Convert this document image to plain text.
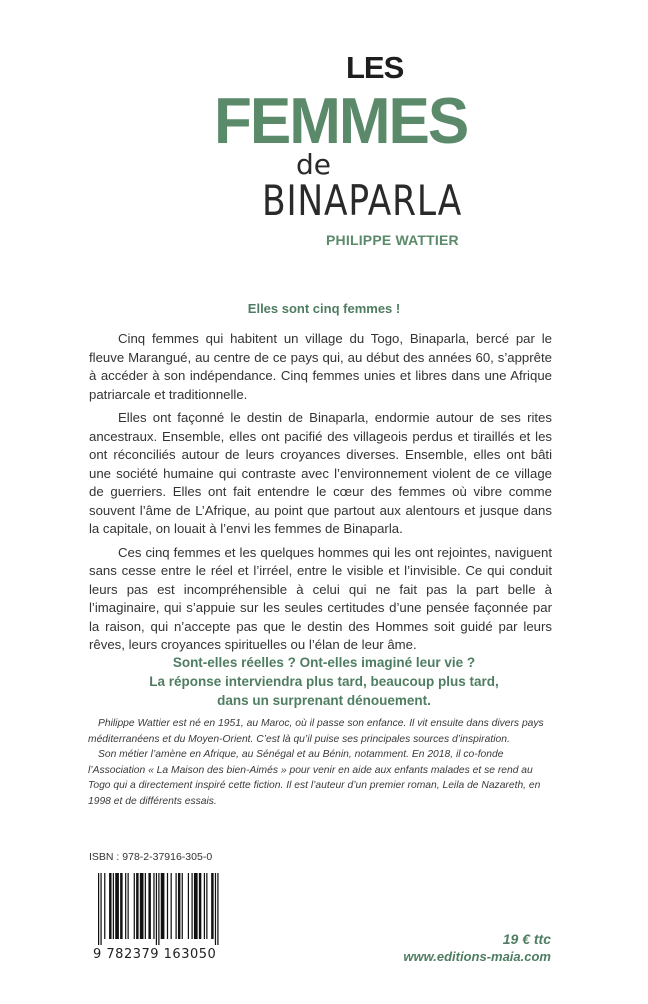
LES
FEMMES
de
BINAPARLA
PHILIPPE WATTIER
Elles sont cinq femmes !

Cinq femmes qui habitent un village du Togo, Binaparla, bercé par le fleuve Marangué, au centre de ce pays qui, au début des années 60, s’apprête à accéder à son indépendance. Cinq femmes unies et libres dans une Afrique patriarcale et traditionnelle.

Elles ont façonné le destin de Binaparla, endormie autour de ses rites ancestraux. Ensemble, elles ont pacifié des villageois perdus et tiraillés et les ont réconciliés autour de leurs croyances diverses. Ensemble, elles ont bâti une société humaine qui contraste avec l’environnement violent de ce village de guerriers. Elles ont fait entendre le cœur des femmes où vibre comme souvent l’âme de L’Afrique, au point que partout aux alentours et jusque dans la capitale, on louait à l’envi les femmes de Binaparla.

Ces cinq femmes et les quelques hommes qui les ont rejointes, naviguent sans cesse entre le réel et l’irréel, entre le visible et l’invisible. Ce qui conduit leurs pas est incompréhensible à celui qui ne fait pas la part belle à l’imaginaire, qui s’appuie sur les seules certitudes d’une pensée façonnée par la raison, qui n’accepte pas que le destin des Hommes soit guidé par leurs rêves, leurs croyances spirituelles ou l’élan de leur âme.

Sont-elles réelles ? Ont-elles imaginé leur vie ?
La réponse interviendra plus tard, beaucoup plus tard,
dans un surprenant dénouement.

Philippe Wattier est né en 1951, au Maroc, où il passe son enfance. Il vit ensuite dans divers pays méditerranéens et du Moyen-Orient. C’est là qu’il puise ses principales sources d’inspiration.

Son métier l’amène en Afrique, au Sénégal et au Bénin, notamment. En 2018, il co-fonde l’Association « La Maison des bien-Aimés » pour venir en aide aux enfants malades et se rend au Togo qui a directement inspiré cette fiction. Il est l’auteur d’un premier roman, Leila de Nazareth, en 1998 et de différents essais.

ISBN : 978-2-37916-305-0
9 782379 163050
19 € ttc
www.editions-maia.com
